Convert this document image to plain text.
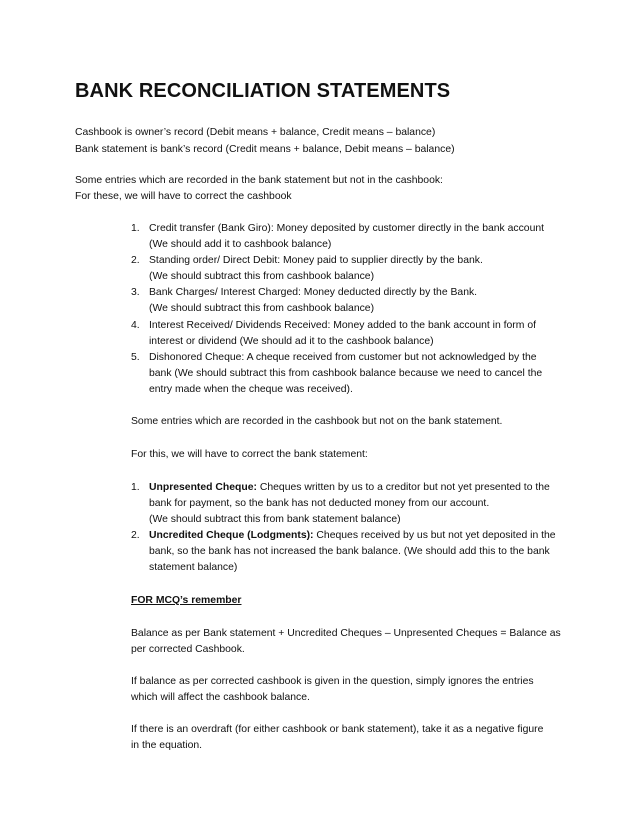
BANK RECONCILIATION STATEMENTS

Cashbook is owner’s record (Debit means + balance, Credit means – balance)

Bank statement is bank’s record (Credit means + balance, Debit means – balance)

Some entries which are recorded in the bank statement but not in the cashbook:

For these, we will have to correct the cashbook

1. Credit transfer (Bank Giro): Money deposited by customer directly in the bank account

(We should add it to cashbook balance)

2. Standing order/ Direct Debit: Money paid to supplier directly by the bank.

(We should subtract this from cashbook balance)

3. Bank Charges/ Interest Charged: Money deducted directly by the Bank.

(We should subtract this from cashbook balance)

4. Interest Received/ Dividends Received: Money added to the bank account in form of

interest or dividend (We should ad it to the cashbook balance)

5. Dishonored Cheque: A cheque received from customer but not acknowledged by the

bank (We should subtract this from cashbook balance because we need to cancel the

entry made when the cheque was received).

Some entries which are recorded in the cashbook but not on the bank statement.

For this, we will have to correct the bank statement:

1. Unpresented Cheque: Cheques written by us to a creditor but not yet presented to the

bank for payment, so the bank has not deducted money from our account.

(We should subtract this from bank statement balance)

2. Uncredited Cheque (Lodgments): Cheques received by us but not yet deposited in the

bank, so the bank has not increased the bank balance. (We should add this to the bank

statement balance)

FOR MCQ’s remember

Balance as per Bank statement + Uncredited Cheques – Unpresented Cheques = Balance as

per corrected Cashbook.

If balance as per corrected cashbook is given in the question, simply ignores the entries

which will affect the cashbook balance.

If there is an overdraft (for either cashbook or bank statement), take it as a negative figure

in the equation.
